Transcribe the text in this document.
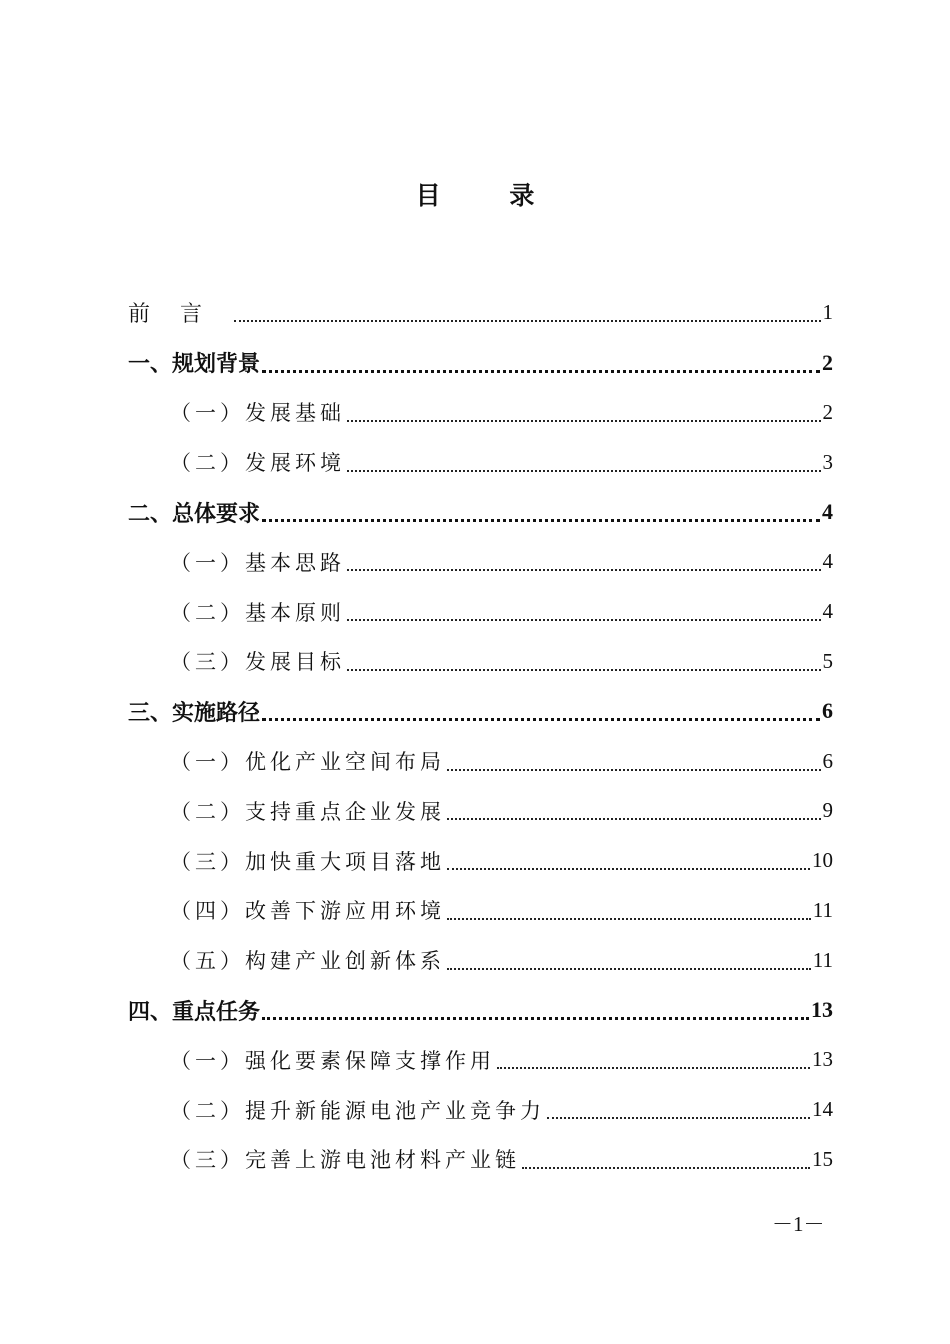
目 录
前言	1
一、规划背景	2
（一）发展基础	2
（二）发展环境	3
二、总体要求	4
（一）基本思路	4
（二）基本原则	4
（三）发展目标	5
三、实施路径	6
（一）优化产业空间布局	6
（二）支持重点企业发展	9
（三）加快重大项目落地	10
（四）改善下游应用环境	11
（五）构建产业创新体系	11
四、重点任务	13
（一）强化要素保障支撑作用	13
（二）提升新能源电池产业竞争力	14
（三）完善上游电池材料产业链	15
－1－
